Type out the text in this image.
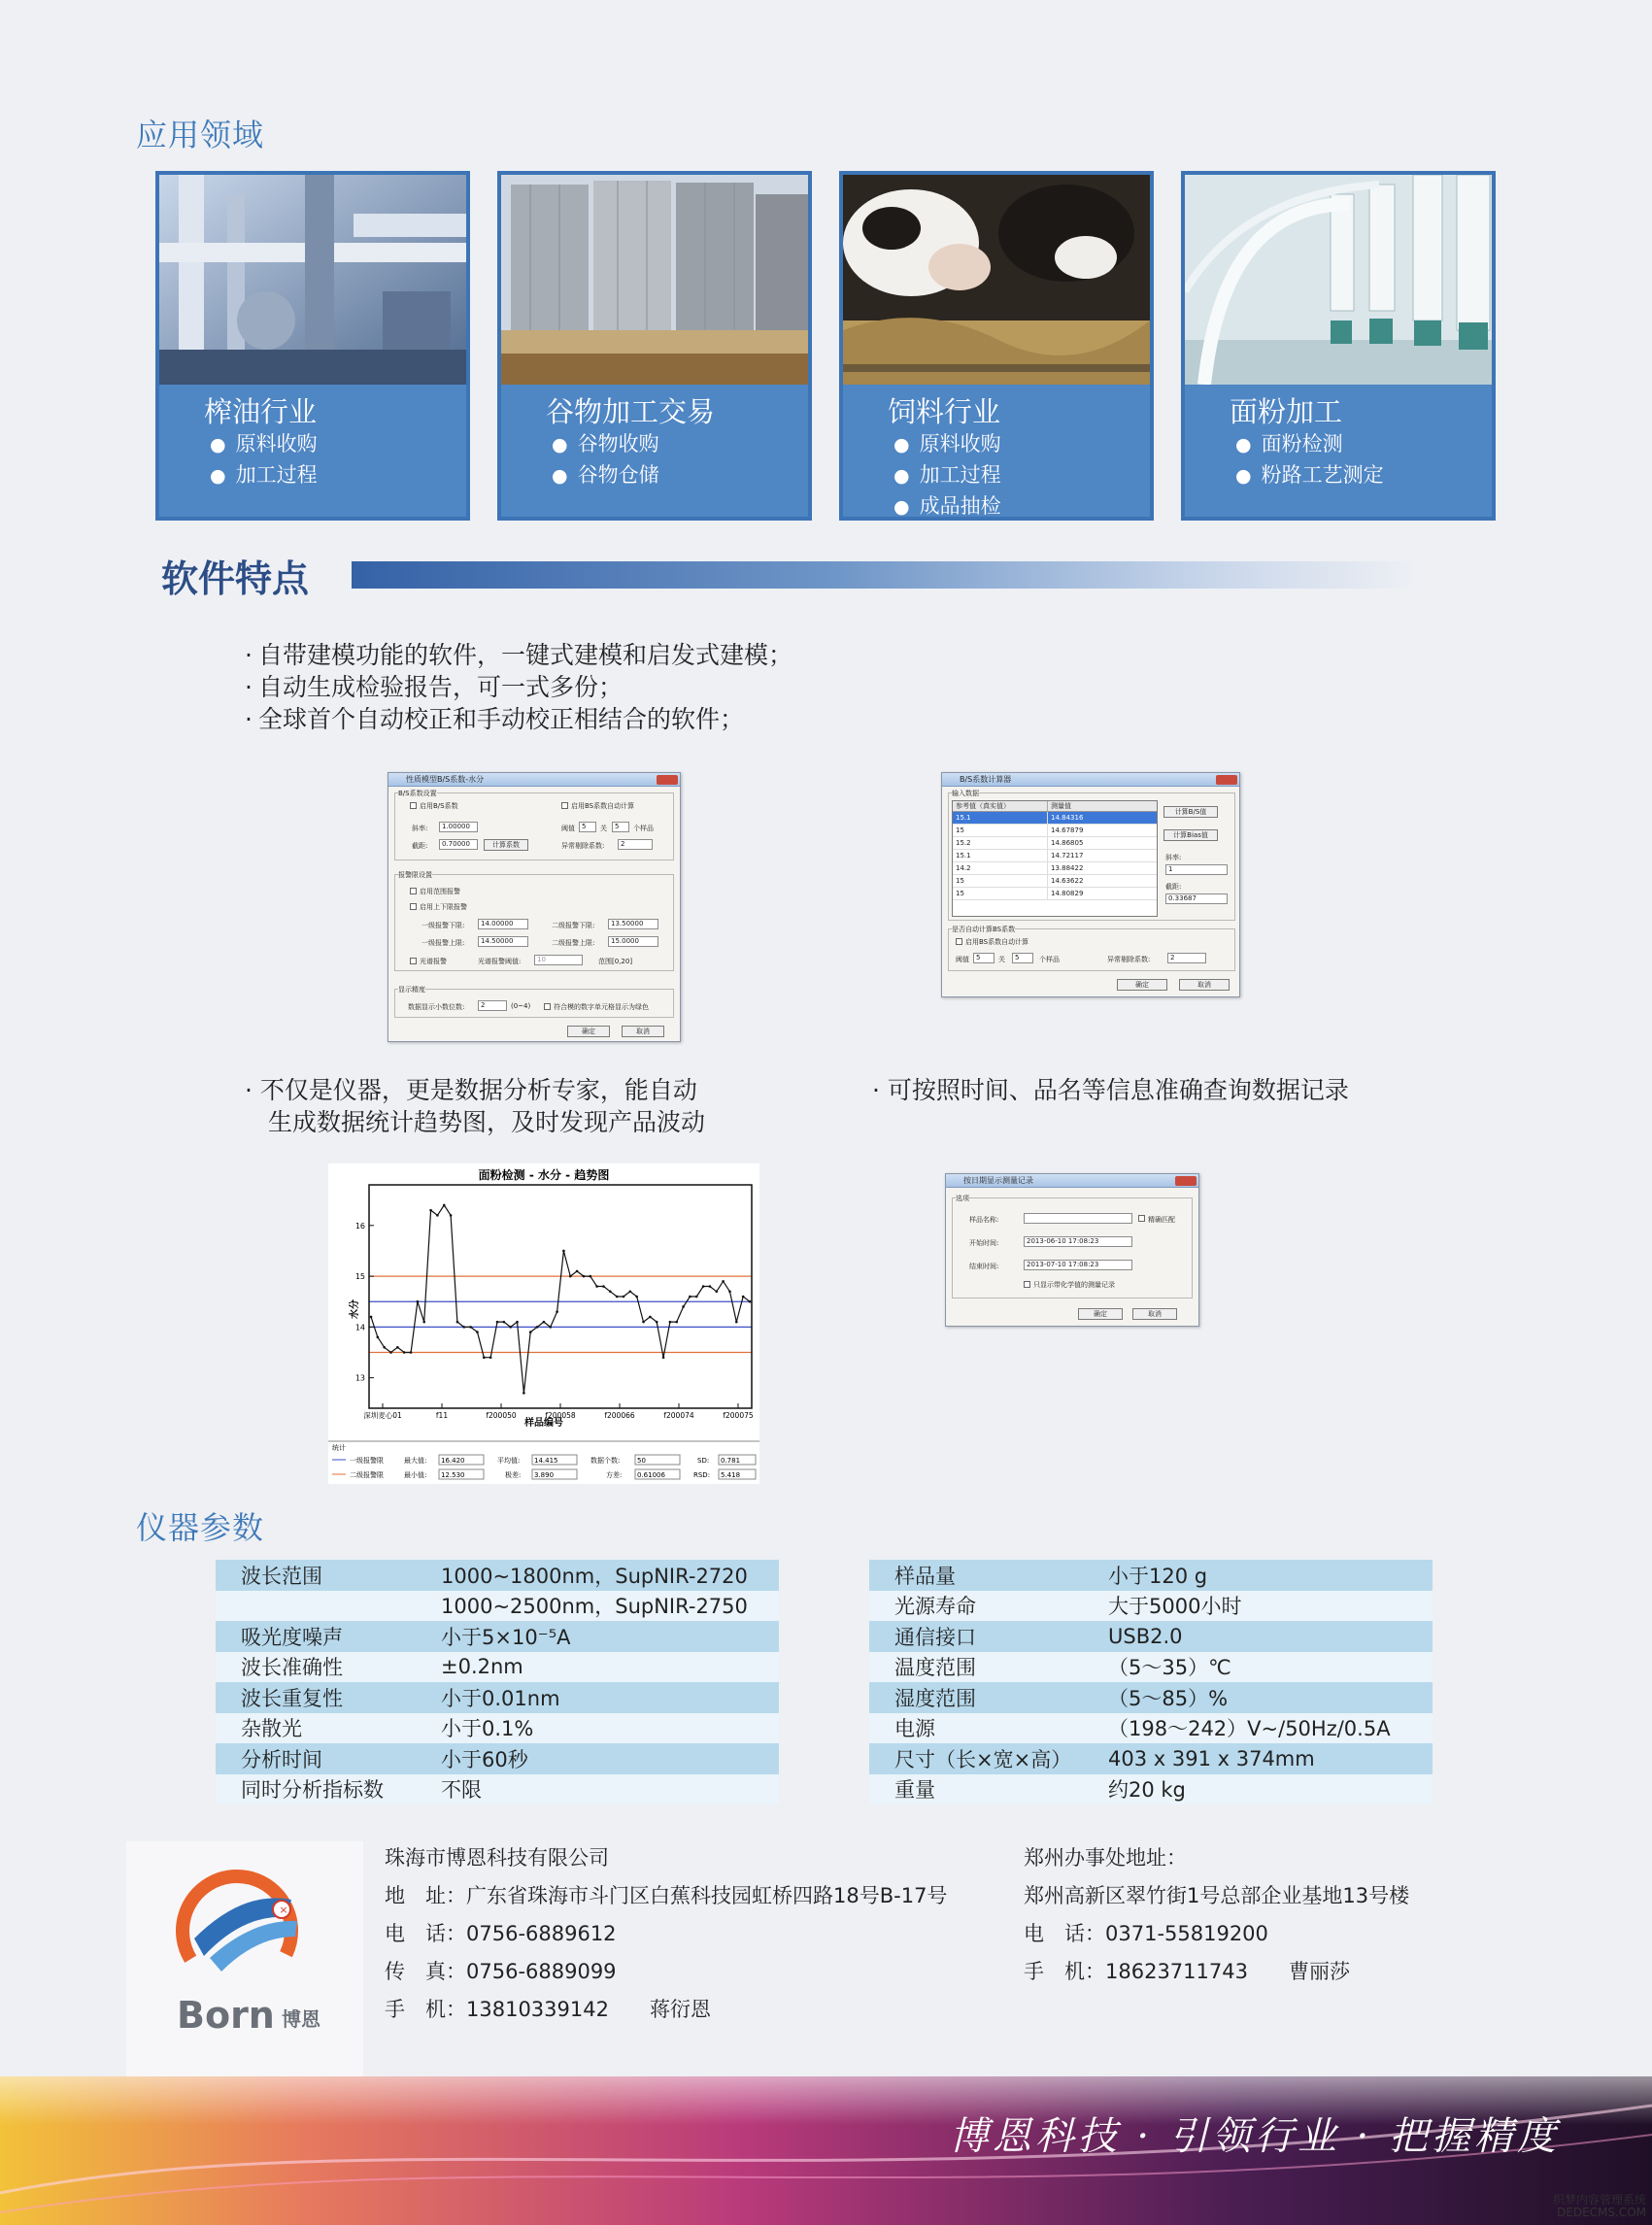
应用领域
榨油行业
● 原料收购
● 加工过程
谷物加工交易
● 谷物收购
● 谷物仓储
饲料行业
● 原料收购
● 加工过程
● 成品抽检
面粉加工
● 面粉检测
● 粉路工艺测定
软件特点
· 自带建模功能的软件，一键式建模和启发式建模；
· 自动生成检验报告，可一式多份；
· 全球首个自动校正和手动校正相结合的软件；
性质模型B/S系数-水分
B/S系数设置
启用B/S系数	启用BS系数自动计算
斜率:	1.00000
截距:	0.70000	计算系数
阈值	5	关	5	个样品
异常剔除系数:	2
报警限设置
启用范围报警
启用上下限报警
一级报警下限:	14.00000	二级报警下限:	13.50000
一级报警上限:	14.50000	二级报警上限:	15.0000
光谱报警	光谱报警阈值:	10	范围[0,20]
显示精度
数据显示小数位数:	2	(0~4)	符合模的数字单元格显示为绿色
确定	取消
B/S系数计算器
输入数据
参考值（真实值）	测量值
15.1	14.84316
15	14.67879
15.2	14.86805
15.1	14.72117
14.2	13.88422
15	14.63622
15	14.80829
计算B/S值
计算Bias值
斜率:
1
截距:
0.33687
是否自动计算BS系数
启用BS系数自动计算
阈值	5	关	5	个样品	异常剔除系数:	2
确定	取消
· 不仅是仪器，更是数据分析专家，能自动
生成数据统计趋势图，及时发现产品波动
· 可按照时间、品名等信息准确查询数据记录
面粉检测 - 水分 - 趋势图
水分
样品编号
13
14
15
16
深圳麦心01	f11	f200050	f200058	f200066	f200074	f200075
统计
一级报警限
二级报警限
最大值: 16.420
最小值: 12.530
平均值: 14.415
极差: 3.890
数据个数:	50
方差: 0.61006
SD: 0.781
RSD: 5.418
按日期显示测量记录
选项
样品名称:	精确匹配
开始时间:	2013-06-10 17:08:23
结束时间:	2013-07-10 17:08:23
只显示带化学值的测量记录
确定	取消
仪器参数
波长范围	1000~1800nm，SupNIR-2720
	1000~2500nm，SupNIR-2750
吸光度噪声	小于5×10⁻⁵A
波长准确性	±0.2nm
波长重复性	小于0.01nm
杂散光	小于0.1%
分析时间	小于60秒
同时分析指标数	不限
样品量	小于120 g
光源寿命	大于5000小时
通信接口	USB2.0
温度范围	（5～35）℃
湿度范围	（5～85）%
电源	（198～242）V~/50Hz/0.5A
尺寸（长×宽×高）	403 x 391 x 374mm
重量	约20 kg
×
Born 博恩
珠海市博恩科技有限公司
地　址：广东省珠海市斗门区白蕉科技园虹桥四路18号B-17号
电　话：0756-6889612
传　真：0756-6889099
手　机：13810339142　　蒋衍恩
郑州办事处地址：
郑州高新区翠竹街1号总部企业基地13号楼
电　话：0371-55819200
手　机：18623711743　　曹丽莎
博恩科技 · 引领行业 · 把握精度
织梦内容管理系统
DEDECMS.COM
